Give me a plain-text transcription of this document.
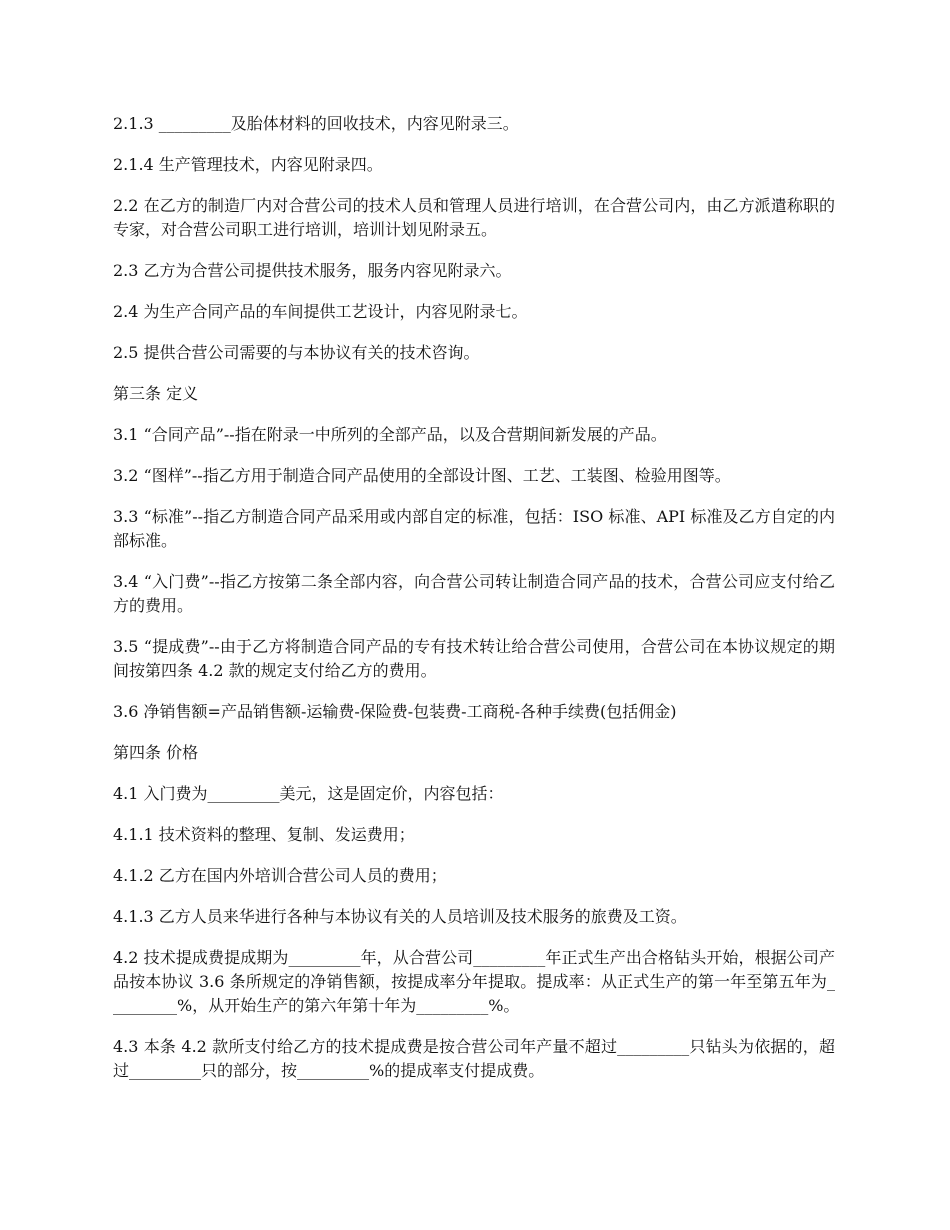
2.1.3 _________及胎体材料的回收技术，内容见附录三。

2.1.4 生产管理技术，内容见附录四。

2.2 在乙方的制造厂内对合营公司的技术人员和管理人员进行培训，在合营公司内，由乙方派遣称职的专家，对合营公司职工进行培训，培训计划见附录五。

2.3 乙方为合营公司提供技术服务，服务内容见附录六。

2.4 为生产合同产品的车间提供工艺设计，内容见附录七。

2.5 提供合营公司需要的与本协议有关的技术咨询。

第三条 定义

3.1 “合同产品”--指在附录一中所列的全部产品，以及合营期间新发展的产品。

3.2 “图样”--指乙方用于制造合同产品使用的全部设计图、工艺、工装图、检验用图等。

3.3 “标准”--指乙方制造合同产品采用或内部自定的标准，包括：ISO 标准、API 标准及乙方自定的内部标准。

3.4 “入门费”--指乙方按第二条全部内容，向合营公司转让制造合同产品的技术，合营公司应支付给乙方的费用。

3.5 “提成费”--由于乙方将制造合同产品的专有技术转让给合营公司使用，合营公司在本协议规定的期间按第四条 4.2 款的规定支付给乙方的费用。

3.6 净销售额=产品销售额-运输费-保险费-包装费-工商税-各种手续费(包括佣金)

第四条 价格

4.1 入门费为_________美元，这是固定价，内容包括：

4.1.1 技术资料的整理、复制、发运费用；

4.1.2 乙方在国内外培训合营公司人员的费用；

4.1.3 乙方人员来华进行各种与本协议有关的人员培训及技术服务的旅费及工资。

4.2 技术提成费提成期为_________年，从合营公司_________年正式生产出合格钻头开始，根据公司产品按本协议 3.6 条所规定的净销售额，按提成率分年提取。提成率：从正式生产的第一年至第五年为_________%，从开始生产的第六年第十年为_________%。

4.3 本条 4.2 款所支付给乙方的技术提成费是按合营公司年产量不超过_________只钻头为依据的，超过_________只的部分，按_________%的提成率支付提成费。
